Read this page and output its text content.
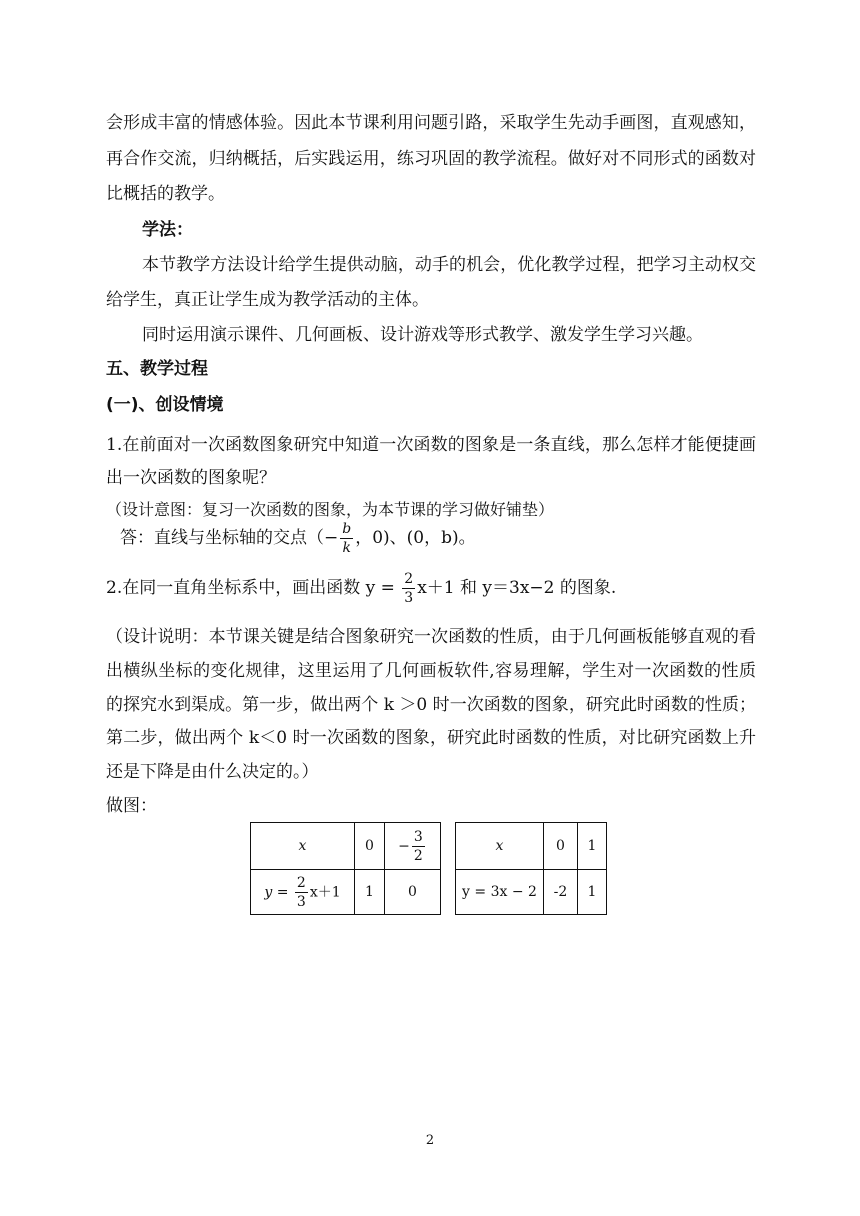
会形成丰富的情感体验。因此本节课利用问题引路，采取学生先动手画图，直观感知，
再合作交流，归纳概括，后实践运用，练习巩固的教学流程。做好对不同形式的函数对
比概括的教学。
学法：
本节教学方法设计给学生提供动脑，动手的机会，优化教学过程，把学习主动权交
给学生，真正让学生成为教学活动的主体。
同时运用演示课件、几何画板、设计游戏等形式教学、激发学生学习兴趣。
五、教学过程
(一)、创设情境
1.在前面对一次函数图象研究中知道一次函数的图象是一条直线，那么怎样才能便捷画
出一次函数的图象呢？
（设计意图：复习一次函数的图象，为本节课的学习做好铺垫）
答：直线与坐标轴的交点（− $\frac{b}{k}$ ，0)、(0，b)。
2.在同一直角坐标系中，画出函数 $y = \frac{2}{3} x+1$ 和 y＝3x−2 的图象.
（设计说明：本节课关键是结合图象研究一次函数的性质，由于几何画板能够直观的看
出横纵坐标的变化规律，这里运用了几何画板软件,容易理解，学生对一次函数的性质
的探究水到渠成。第一步，做出两个 k ＞0 时一次函数的图象，研究此时函数的性质；
第二步，做出两个 k＜0 时一次函数的图象，研究此时函数的性质，对比研究函数上升
还是下降是由什么决定的。）
做图：
x	0	− $\frac{3}{2}$

$y = \frac{2}{3} x+1$	1	0
x	0	1
y = 3x − 2	-2	1
2
